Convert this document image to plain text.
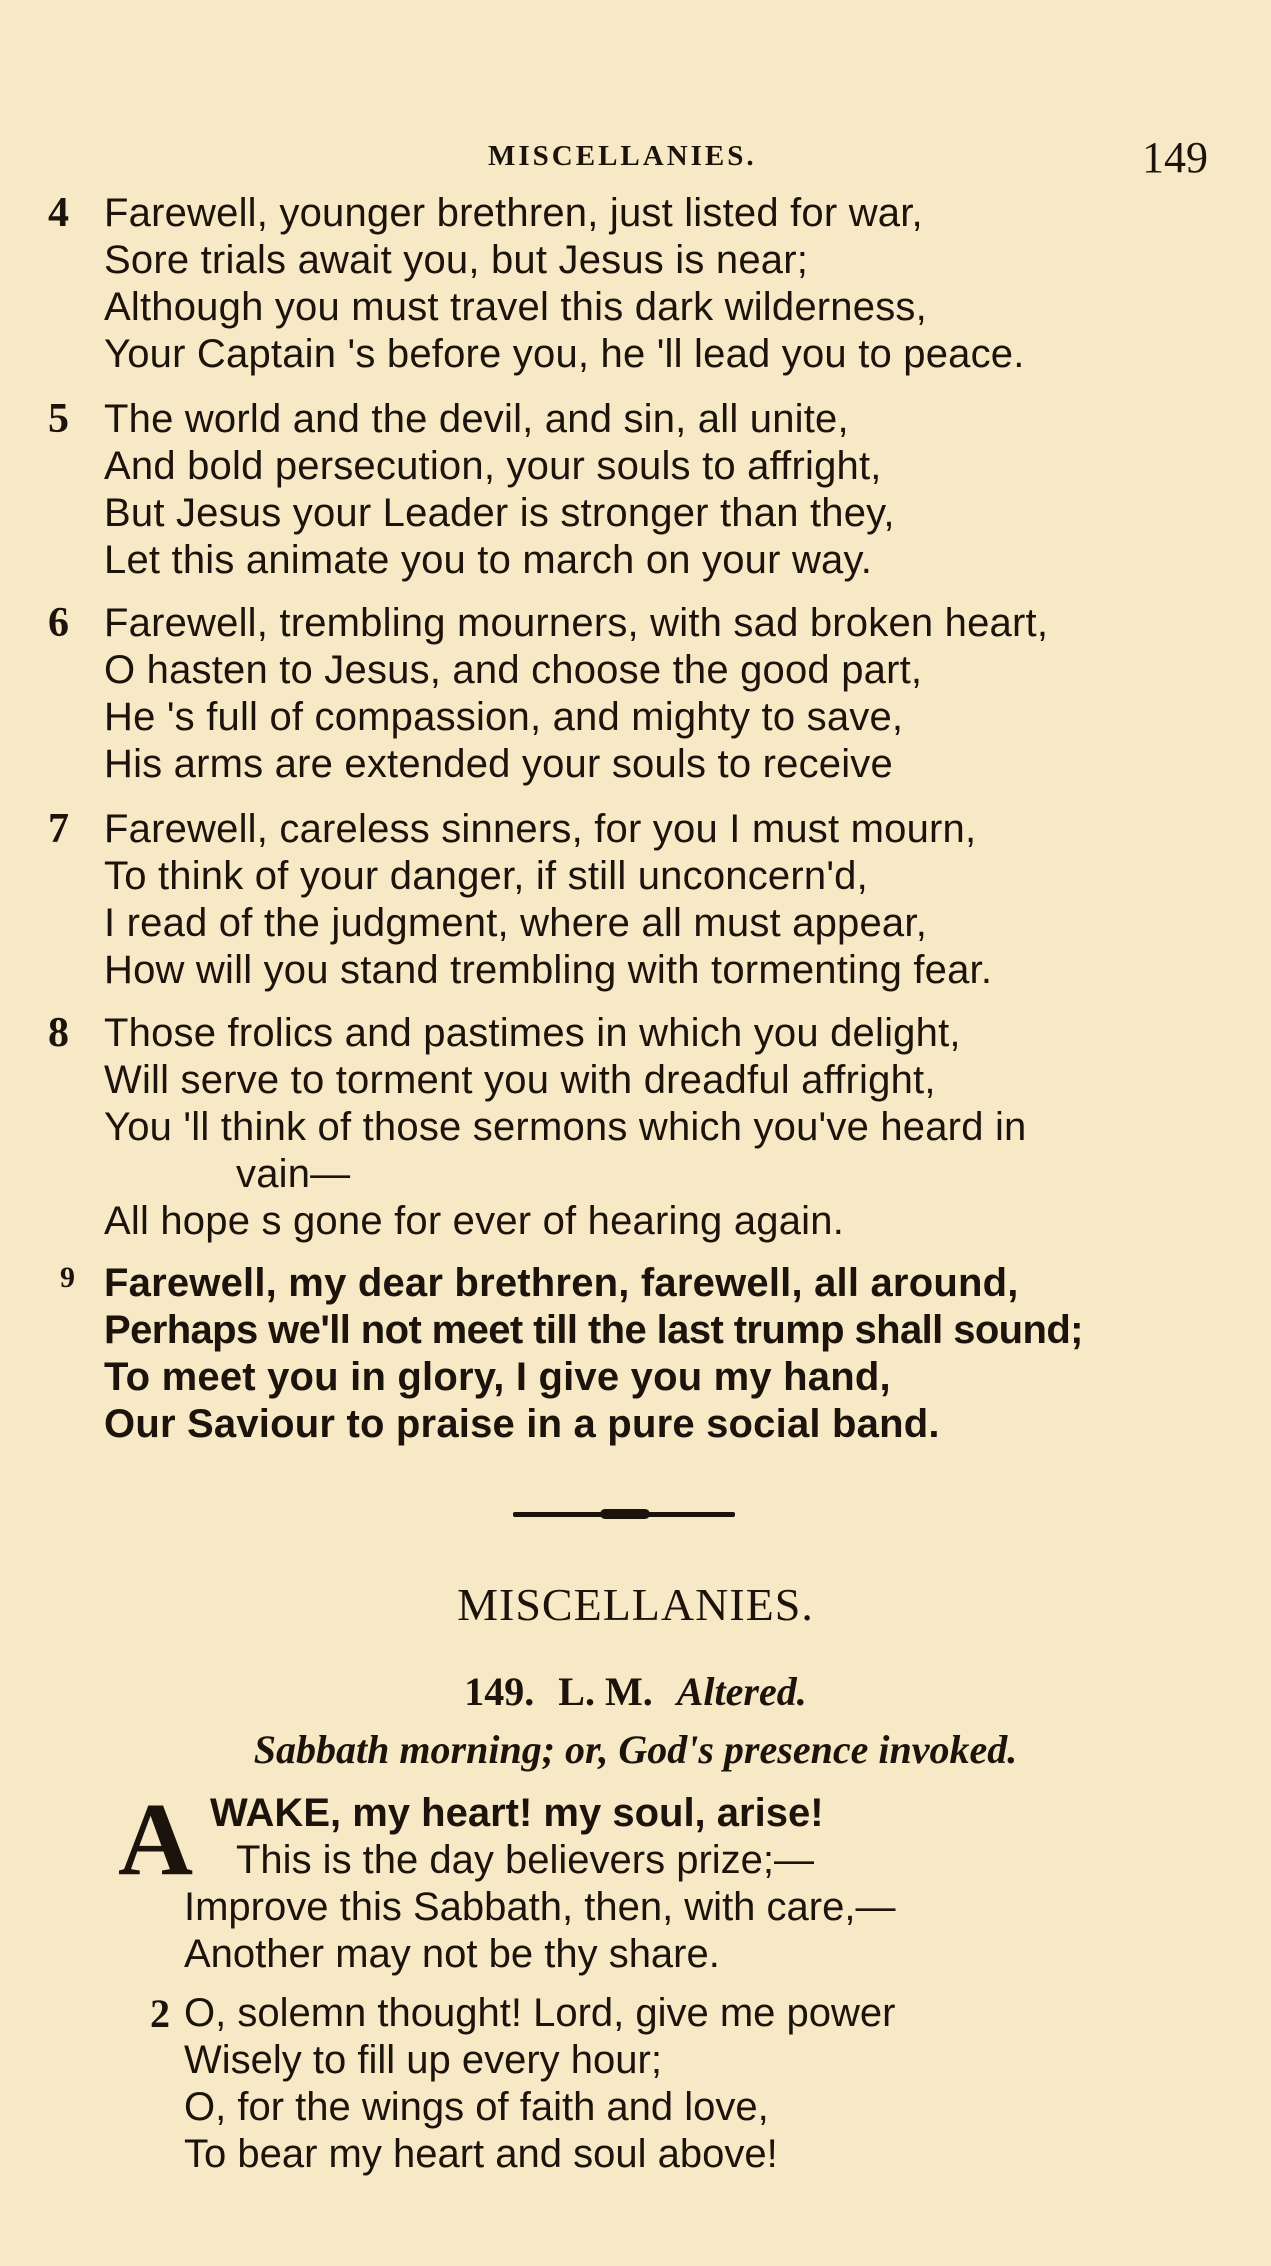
MISCELLANIES.	149
4 Farewell, younger brethren, just listed for war,
Sore trials await you, but Jesus is near;
Although you must travel this dark wilderness,
Your Captain 's before you, he 'll lead you to peace.
5 The world and the devil, and sin, all unite,
And bold persecution, your souls to affright,
But Jesus your Leader is stronger than they,
Let this animate you to march on your way.
6 Farewell, trembling mourners, with sad broken heart,
O hasten to Jesus, and choose the good part,
He 's full of compassion, and mighty to save,
His arms are extended your souls to receive
7 Farewell, careless sinners, for you I must mourn,
To think of your danger, if still unconcern'd,
I read of the judgment, where all must appear,
How will you stand trembling with tormenting fear.
8 Those frolics and pastimes in which you delight,
Will serve to torment you with dreadful affright,
You 'll think of those sermons which you've heard in
vain—
All hope s gone for ever of hearing again.
9 Farewell, my dear brethren, farewell, all around,
Perhaps we'll not meet till the last trump shall sound;
To meet you in glory, I give you my hand,
Our Saviour to praise in a pure social band.
MISCELLANIES.
149. L. M. Altered.
Sabbath morning; or, God's presence invoked.
A WAKE, my heart! my soul, arise!
This is the day believers prize;—
Improve this Sabbath, then, with care,—
Another may not be thy share.
2 O, solemn thought! Lord, give me power
Wisely to fill up every hour;
O, for the wings of faith and love,
To bear my heart and soul above!
